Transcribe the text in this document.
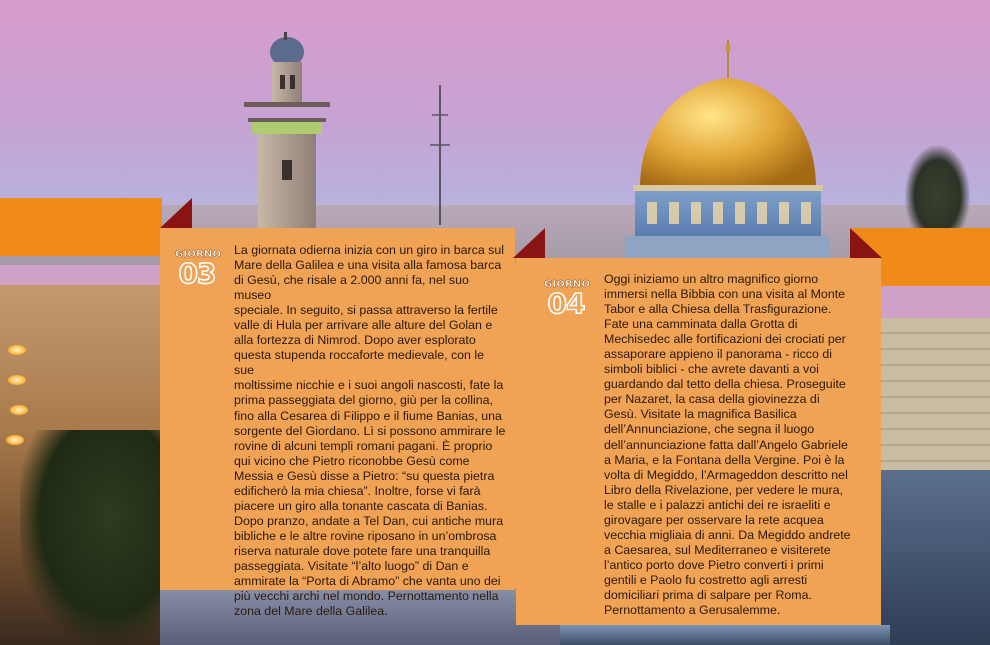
GIORNO
03

La giornata odierna inizia con un giro in barca sul
Mare della Galilea e una visita alla famosa barca
di Gesù, che risale a 2.000 anni fa, nel suo museo
speciale. In seguito, si passa attraverso la fertile
valle di Hula per arrivare alle alture del Golan e
alla fortezza di Nimrod. Dopo aver esplorato
questa stupenda roccaforte medievale, con le sue
moltissime nicchie e i suoi angoli nascosti, fate la
prima passeggiata del giorno, giù per la collina,
fino alla Cesarea di Filippo e il fiume Banias, una
sorgente del Giordano. Lì si possono ammirare le
rovine di alcuni templi romani pagani. È proprio
qui vicino che Pietro riconobbe Gesù come
Messia e Gesù disse a Pietro: “su questa pietra
edificherò la mia chiesa”. Inoltre, forse vi farà
piacere un giro alla tonante cascata di Banias.
Dopo pranzo, andate a Tel Dan, cui antiche mura
bibliche e le altre rovine riposano in un’ombrosa
riserva naturale dove potete fare una tranquilla
passeggiata. Visitate “l’alto luogo” di Dan e
ammirate la “Porta di Abramo” che vanta uno dei
più vecchi archi nel mondo. Pernottamento nella
zona del Mare della Galilea.

GIORNO
04

Oggi iniziamo un altro magnifico giorno
immersi nella Bibbia con una visita al Monte
Tabor e alla Chiesa della Trasfigurazione.
Fate una camminata dalla Grotta di
Mechisedec alle fortificazioni dei crociati per
assaporare appieno il panorama - ricco di
simboli biblici - che avrete davanti a voi
guardando dal tetto della chiesa. Proseguite
per Nazaret, la casa della giovinezza di
Gesù. Visitate la magnifica Basilica
dell’Annunciazione, che segna il luogo
dell’annunciazione fatta dall’Angelo Gabriele
a Maria, e la Fontana della Vergine. Poi è la
volta di Megiddo, l’Armageddon descritto nel
Libro della Rivelazione, per vedere le mura,
le stalle e i palazzi antichi dei re israeliti e
girovagare per osservare la rete acquea
vecchia migliaia di anni. Da Megiddo andrete
a Caesarea, sul Mediterraneo e visiterete
l’antico porto dove Pietro converti i primi
gentili e Paolo fu costretto agli arresti
domiciliari prima di salpare per Roma.
Pernottamento a Gerusalemme.
